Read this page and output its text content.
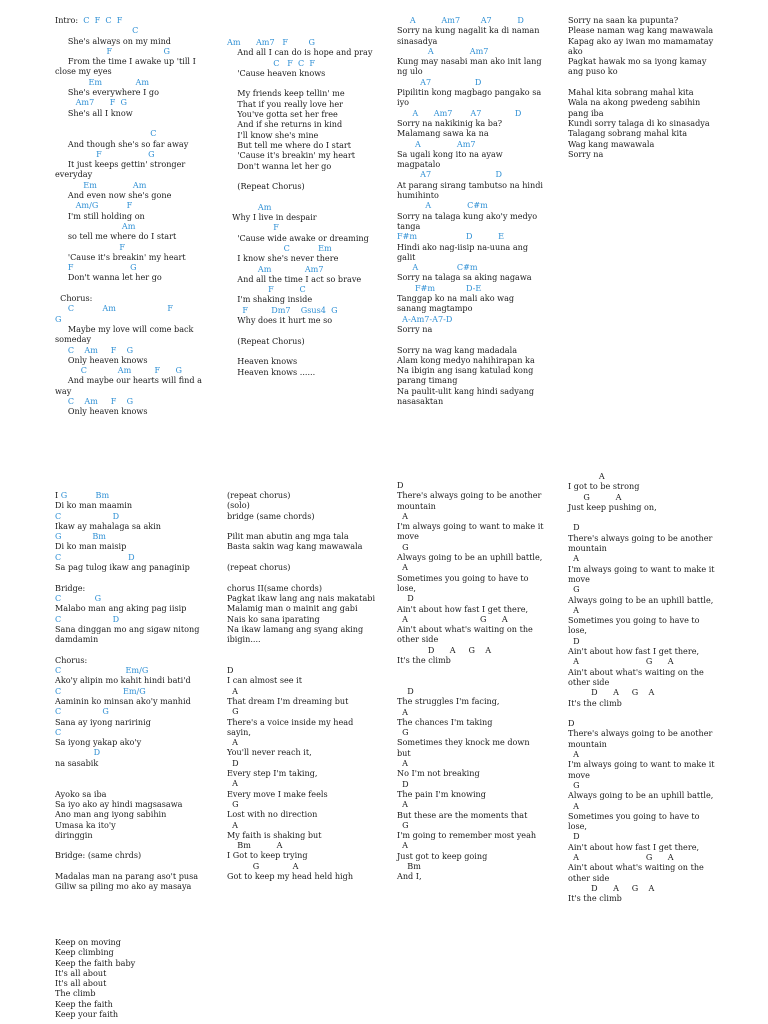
Intro:  C  F  C  F
C
She's always on my mind
F                    G
From the time I awake up 'till I
close my eyes
Em             Am
She's everywhere I go
Am7      F  G
She's all I know
C
And though she's so far away
F                  G
It just keeps gettin' stronger
everyday
Em              Am
And even now she's gone
Am/G           F
I'm still holding on
Am
so tell me where do I start
F
'Cause it's breakin' my heart
F                      G
Don't wanna let her go
Chorus:
C           Am                    F
G
Maybe my love will come back
someday
C    Am     F    G
Only heaven knows
C            Am         F      G
And maybe our hearts will find a
way
C    Am     F    G
Only heaven knows
Am      Am7   F        G
And all I can do is hope and pray
C   F  C  F
'Cause heaven knows
My friends keep tellin' me
That if you really love her
You've gotta set her free
And if she returns in kind
I'll know she's mine
But tell me where do I start
'Cause it's breakin' my heart
Don't wanna let her go
(Repeat Chorus)
Am
Why I live in despair
F
'Cause wide awake or dreaming
C           Em
I know she's never there
Am             Am7
And all the time I act so brave
F          C
I'm shaking inside
F         Dm7    Gsus4  G
Why does it hurt me so
(Repeat Chorus)
Heaven knows
Heaven knows ......
A          Am7        A7          D
Sorry na kung nagalit ka di naman
sinasadya
A              Am7
Kung may nasabi man ako init lang
ng ulo
A7                 D
Pipilitin kong magbago pangako sa
iyo
A      Am7       A7             D
Sorry na nakikinig ka ba?
Malamang sawa ka na
A              Am7
Sa ugali kong ito na ayaw
magpatalo
A7                         D
At parang sirang tambutso na hindi
humihinto
A              C#m
Sorry na talaga kung ako'y medyo
tanga
F#m                   D          E
Hindi ako nag-iisip na-uuna ang
galit
A               C#m
Sorry na talaga sa aking nagawa
F#m            D-E
Tanggap ko na mali ako wag
sanang magtampo
A-Am7-A7-D
Sorry na
Sorry na wag kang madadala
Alam kong medyo nahihirapan ka
Na ibigin ang isang katulad kong
parang timang
Na paulit-ulit kang hindi sadyang
nasasaktan
Sorry na saan ka pupunta?
Please naman wag kang mawawala
Kapag ako ay iwan mo mamamatay
ako
Pagkat hawak mo sa iyong kamay
ang puso ko
Mahal kita sobrang mahal kita
Wala na akong pwedeng sabihin
pang iba
Kundi sorry talaga di ko sinasadya
Talagang sobrang mahal kita
Wag kang mawawala
Sorry na
I G           Bm
Di ko man maamin
C                    D
Ikaw ay mahalaga sa akin
G            Bm
Di ko man maisip
C                          D
Sa pag tulog ikaw ang panaginip
Bridge:
C             G
Malabo man ang aking pag iisip
C                    D
Sana dinggan mo ang sigaw nitong
damdamin
Chorus:
C                         Em/G
Ako'y alipin mo kahit hindi bati'd
C                        Em/G
Aaminin ko minsan ako'y manhid
C                G
Sana ay iyong naririnig
C
Sa iyong yakap ako'y
D
na sasabik
Ayoko sa iba
Sa iyo ako ay hindi magsasawa
Ano man ang iyong sabihin
Umasa ka ito'y
diringgin
Bridge: (same chrds)
Madalas man na parang aso't pusa
Giliw sa piling mo ako ay masaya
(repeat chorus)
(solo)
bridge (same chords)
Pilit man abutin ang mga tala
Basta sakin wag kang mawawala
(repeat chorus)
chorus II(same chords)
Pagkat ikaw lang ang nais makatabi
Malamig man o mainit ang gabi
Nais ko sana iparating
Na ikaw lamang ang syang aking
ibigin....
D
I can almost see it
A
That dream I'm dreaming but
G
There's a voice inside my head
sayin,
A
You'll never reach it,
D
Every step I'm taking,
A
Every move I make feels
G
Lost with no direction
A
My faith is shaking but
Bm          A
I Got to keep trying
G             A
Got to keep my head held high
D
There's always going to be another
mountain
A
I'm always going to want to make it
move
G
Always going to be an uphill battle,
A
Sometimes you going to have to
lose,
D
Ain't about how fast I get there,
A                            G      A
Ain't about what's waiting on the
other side
D      A     G    A
It's the climb
D
The struggles I'm facing,
A
The chances I'm taking
G
Sometimes they knock me down
but
A
No I'm not breaking
D
The pain I'm knowing
A
But these are the moments that
G
I'm going to remember most yeah
A
Just got to keep going
Bm
And I,
A
I got to be strong
G          A
Just keep pushing on,
D
There's always going to be another
mountain
A
I'm always going to want to make it
move
G
Always going to be an uphill battle,
A
Sometimes you going to have to
lose,
D
Ain't about how fast I get there,
A                          G      A
Ain't about what's waiting on the
other side
D      A     G    A
It's the climb
D
There's always going to be another
mountain
A
I'm always going to want to make it
move
G
Always going to be an uphill battle,
A
Sometimes you going to have to
lose,
D
Ain't about how fast I get there,
A                          G      A
Ain't about what's waiting on the
other side
D      A     G    A
It's the climb
Keep on moving
Keep climbing
Keep the faith baby
It's all about
It's all about
The climb
Keep the faith
Keep your faith
